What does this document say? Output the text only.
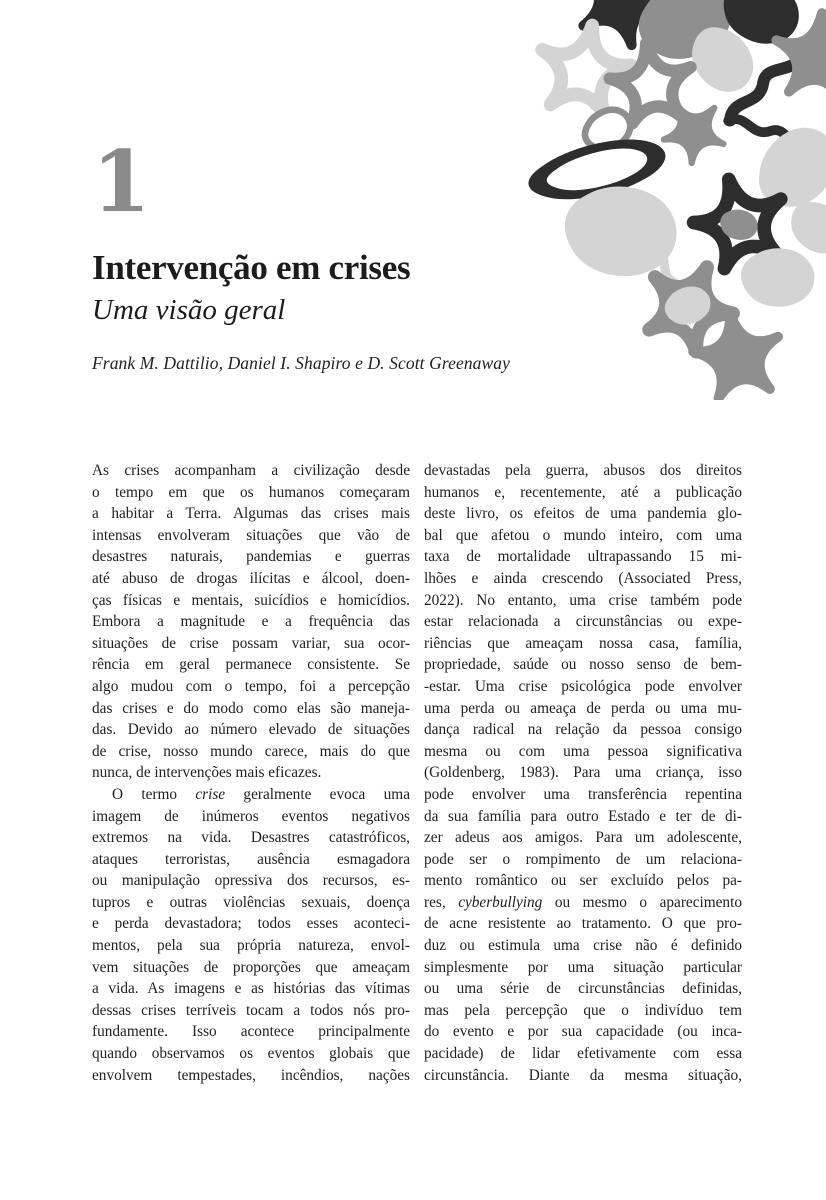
1
Intervenção em crises
Uma visão geral
Frank M. Dattilio, Daniel I. Shapiro e D. Scott Greenaway
As crises acompanham a civilização desde
o tempo em que os humanos começaram
a habitar a Terra. Algumas das crises mais
intensas envolveram situações que vão de
desastres naturais, pandemias e guerras
até abuso de drogas ilícitas e álcool, doen-
ças físicas e mentais, suicídios e homicídios.
Embora a magnitude e a frequência das
situações de crise possam variar, sua ocor-
rência em geral permanece consistente. Se
algo mudou com o tempo, foi a percepção
das crises e do modo como elas são maneja-
das. Devido ao número elevado de situações
de crise, nosso mundo carece, mais do que
nunca, de intervenções mais eficazes.
O termo crise geralmente evoca uma
imagem de inúmeros eventos negativos
extremos na vida. Desastres catastróficos,
ataques terroristas, ausência esmagadora
ou manipulação opressiva dos recursos, es-
tupros e outras violências sexuais, doença
e perda devastadora; todos esses aconteci-
mentos, pela sua própria natureza, envol-
vem situações de proporções que ameaçam
a vida. As imagens e as histórias das vítimas
dessas crises terríveis tocam a todos nós pro-
fundamente. Isso acontece principalmente
quando observamos os eventos globais que
envolvem tempestades, incêndios, nações
devastadas pela guerra, abusos dos direitos
humanos e, recentemente, até a publicação
deste livro, os efeitos de uma pandemia glo-
bal que afetou o mundo inteiro, com uma
taxa de mortalidade ultrapassando 15 mi-
lhões e ainda crescendo (Associated Press,
2022). No entanto, uma crise também pode
estar relacionada a circunstâncias ou expe-
riências que ameaçam nossa casa, família,
propriedade, saúde ou nosso senso de bem-
-estar. Uma crise psicológica pode envolver
uma perda ou ameaça de perda ou uma mu-
dança radical na relação da pessoa consigo
mesma ou com uma pessoa significativa
(Goldenberg, 1983). Para uma criança, isso
pode envolver uma transferência repentina
da sua família para outro Estado e ter de di-
zer adeus aos amigos. Para um adolescente,
pode ser o rompimento de um relaciona-
mento romântico ou ser excluído pelos pa-
res, cyberbullying ou mesmo o aparecimento
de acne resistente ao tratamento. O que pro-
duz ou estimula uma crise não é definido
simplesmente por uma situação particular
ou uma série de circunstâncias definidas,
mas pela percepção que o indivíduo tem
do evento e por sua capacidade (ou inca-
pacidade) de lidar efetivamente com essa
circunstância. Diante da mesma situação,
